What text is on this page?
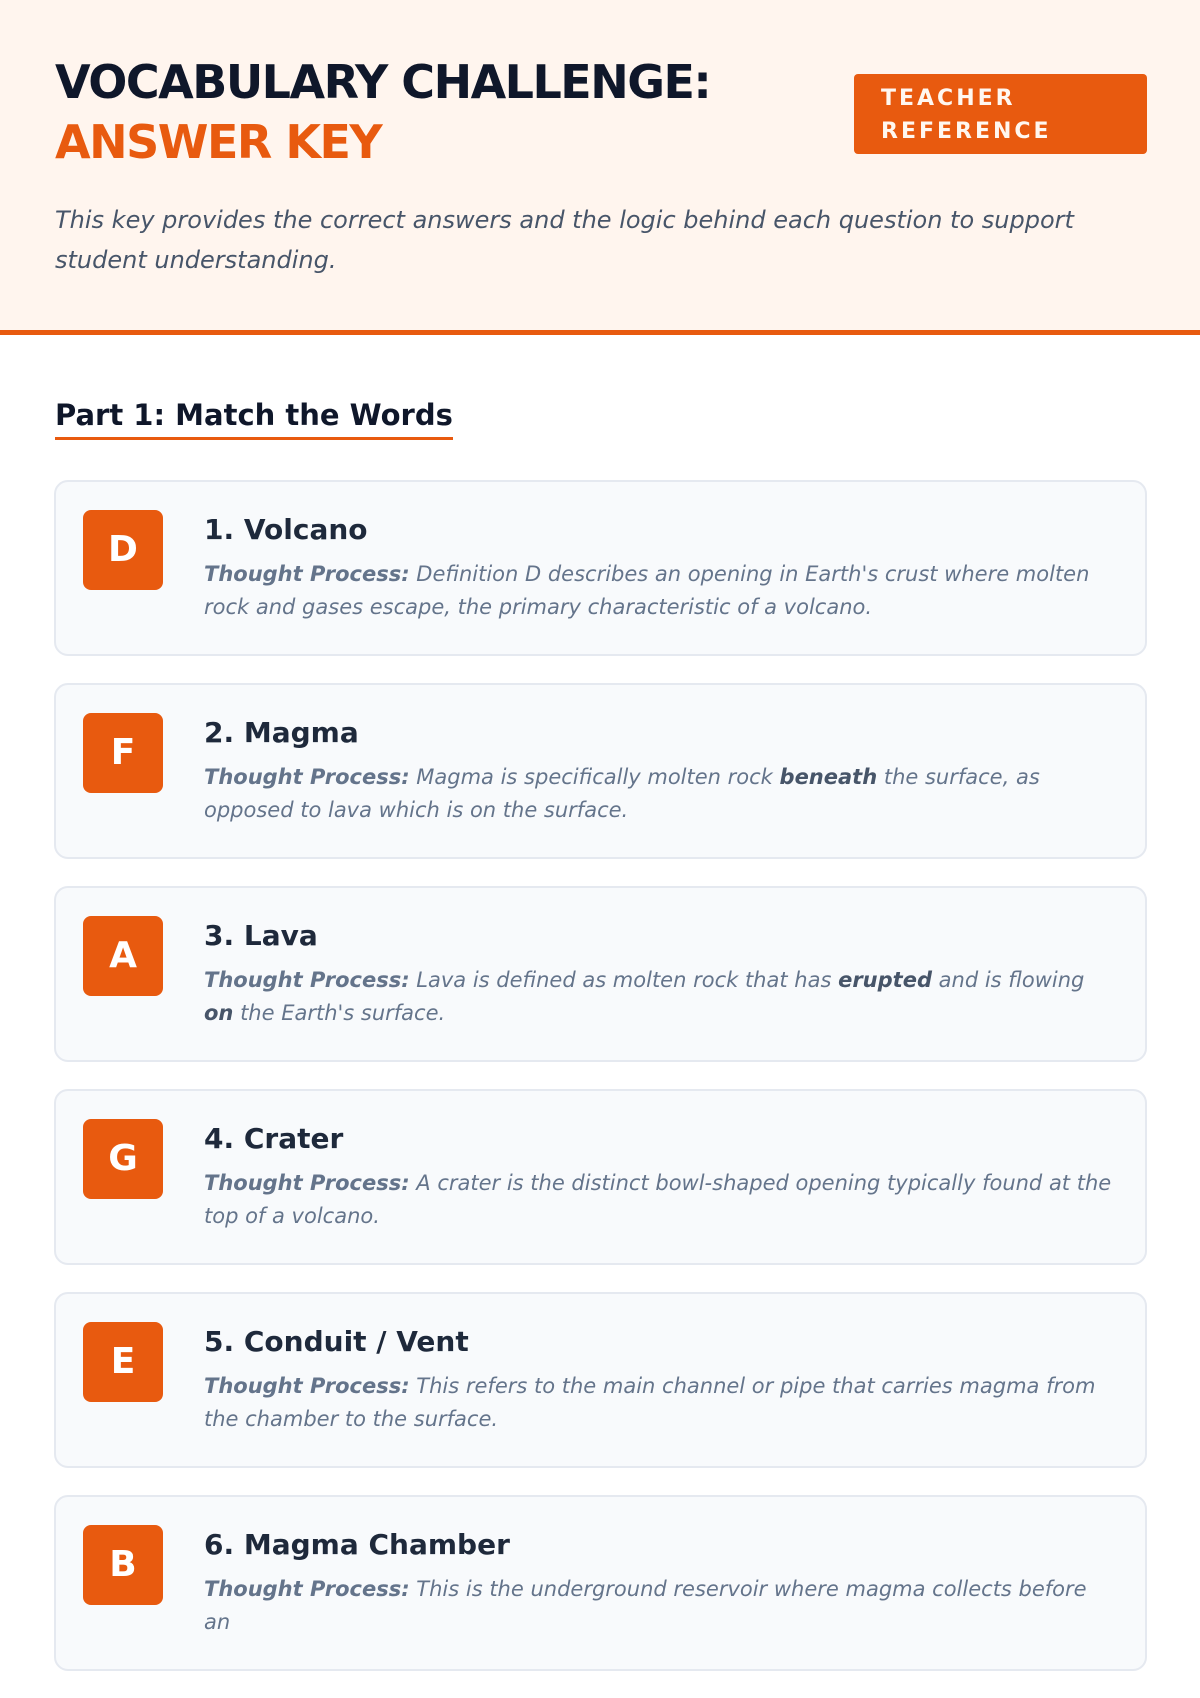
VOCABULARY CHALLENGE:
ANSWER KEY
TEACHER
REFERENCE

This key provides the correct answers and the logic behind each question to support student understanding.

Part 1: Match the Words
D	1. Volcano

Thought Process: Definition D describes an opening in Earth's crust where molten rock and gases escape, the primary characteristic of a volcano.

F	2. Magma

Thought Process: Magma is specifically molten rock beneath the surface, as opposed to lava which is on the surface.

A	3. Lava

Thought Process: Lava is defined as molten rock that has erupted and is flowing on the Earth's surface.

G	4. Crater

Thought Process: A crater is the distinct bowl-shaped opening typically found at the top of a volcano.

E	5. Conduit / Vent

Thought Process: This refers to the main channel or pipe that carries magma from the chamber to the surface.

B	6. Magma Chamber

Thought Process: This is the underground reservoir where magma collects before an
